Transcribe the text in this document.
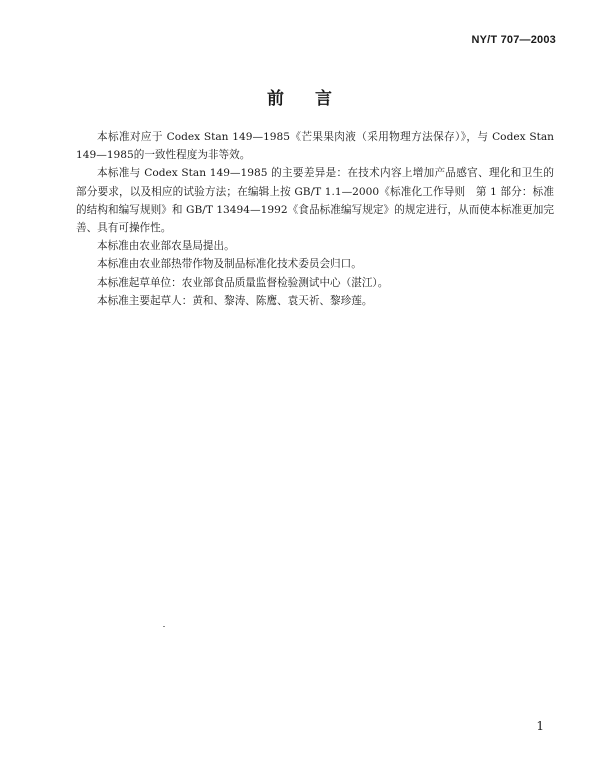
NY/T 707—2003
前 言

本标准对应于 Codex Stan 149—1985《芒果果肉液（采用物理方法保存）》，与 Codex Stan 149—1985的一致性程度为非等效。

本标准与 Codex Stan 149—1985 的主要差异是：在技术内容上增加产品感官、理化和卫生的部分要求，以及相应的试验方法；在编辑上按 GB/T 1.1—2000《标准化工作导则　第 1 部分：标准的结构和编写规则》和 GB/T 13494—1992《食品标准编写规定》的规定进行，从而使本标准更加完善、具有可操作性。

本标准由农业部农垦局提出。

本标准由农业部热带作物及制品标准化技术委员会归口。

本标准起草单位：农业部食品质量监督检验测试中心（湛江）。

本标准主要起草人：黄和、黎涛、陈鹰、袁天祈、黎珍莲。

1
